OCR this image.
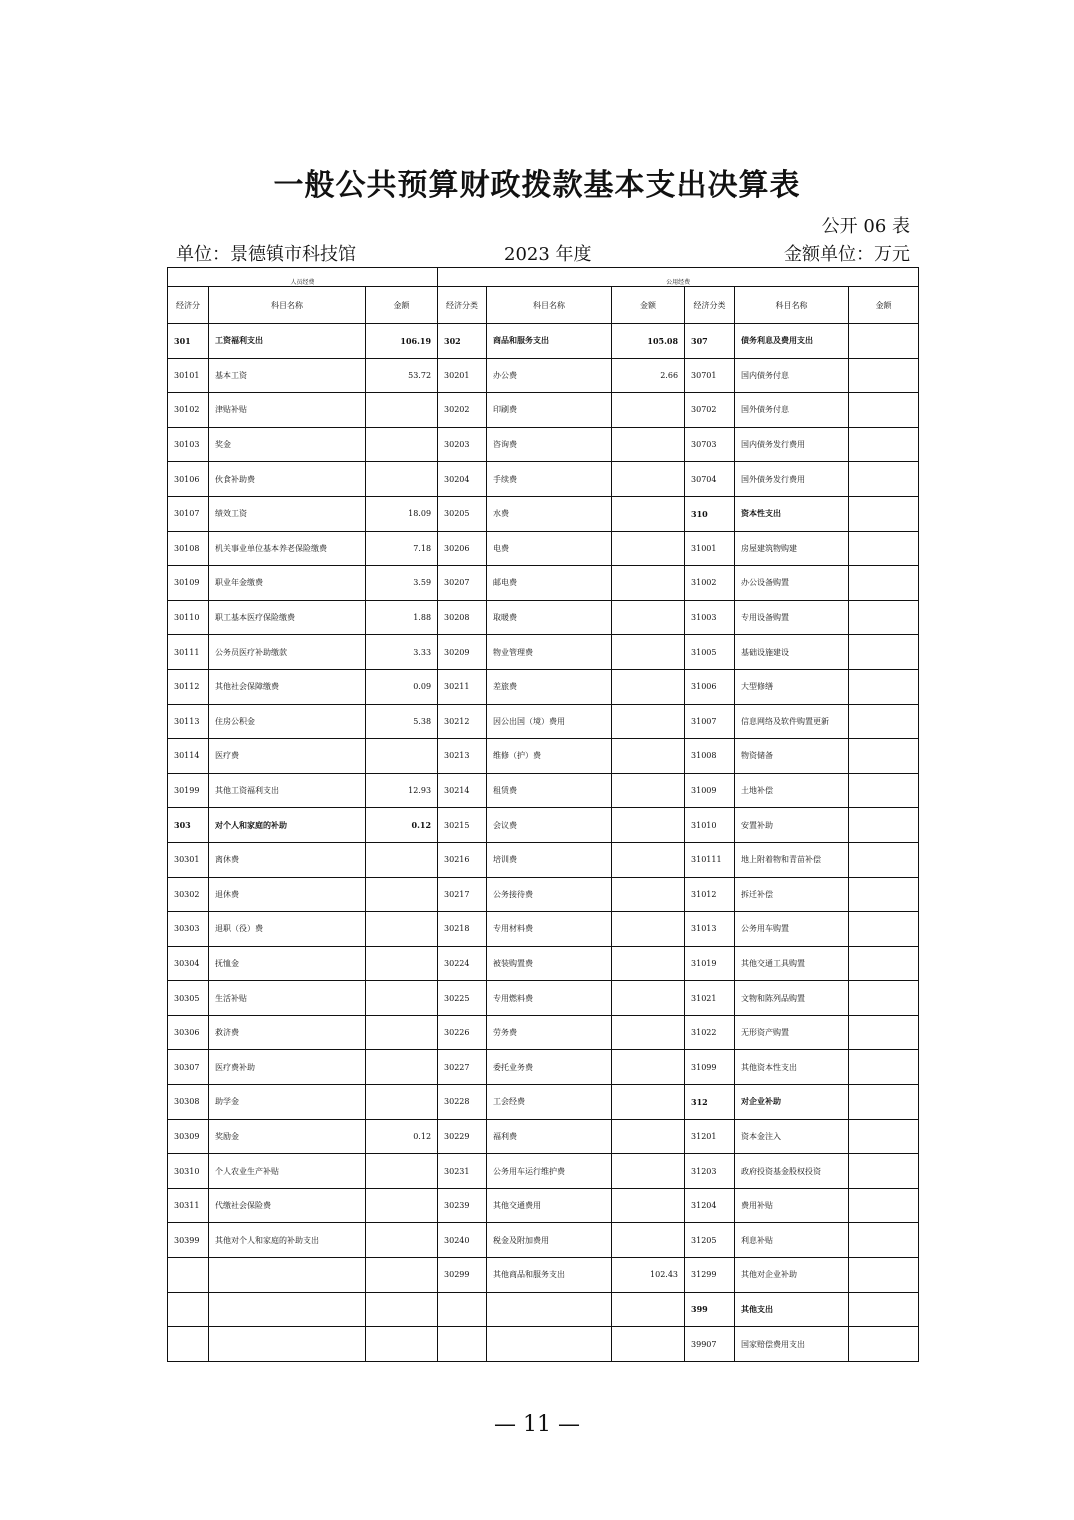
一般公共预算财政拨款基本支出决算表
公开 06 表
单位：景德镇市科技馆	2023 年度	金额单位：万元
人员经费			公用经费					
经济分	科目名称	金额	经济分类	科目名称	金额	经济分类	科目名称	金额
301	工资福利支出	106.19	302	商品和服务支出	105.08	307	债务利息及费用支出	
30101	基本工资	53.72	30201	办公费	2.66	30701	国内债务付息	
30102	津贴补贴		30202	印刷费		30702	国外债务付息	
30103	奖金		30203	咨询费		30703	国内债务发行费用	
30106	伙食补助费		30204	手续费		30704	国外债务发行费用	
30107	绩效工资	18.09	30205	水费		310	资本性支出	
30108	机关事业单位基本养老保险缴费	7.18	30206	电费		31001	房屋建筑物购建	
30109	职业年金缴费	3.59	30207	邮电费		31002	办公设备购置	
30110	职工基本医疗保险缴费	1.88	30208	取暖费		31003	专用设备购置	
30111	公务员医疗补助缴款	3.33	30209	物业管理费		31005	基础设施建设	
30112	其他社会保障缴费	0.09	30211	差旅费		31006	大型修缮	
30113	住房公积金	5.38	30212	因公出国（境）费用		31007	信息网络及软件购置更新	
30114	医疗费		30213	维修（护）费		31008	物资储备	
30199	其他工资福利支出	12.93	30214	租赁费		31009	土地补偿	
303	对个人和家庭的补助	0.12	30215	会议费		31010	安置补助	
30301	离休费		30216	培训费		310111	地上附着物和青苗补偿	
30302	退休费		30217	公务接待费		31012	拆迁补偿	
30303	退职（役）费		30218	专用材料费		31013	公务用车购置	
30304	抚恤金		30224	被装购置费		31019	其他交通工具购置	
30305	生活补贴		30225	专用燃料费		31021	文物和陈列品购置	
30306	救济费		30226	劳务费		31022	无形资产购置	
30307	医疗费补助		30227	委托业务费		31099	其他资本性支出	
30308	助学金		30228	工会经费		312	对企业补助	
30309	奖励金	0.12	30229	福利费		31201	资本金注入	
30310	个人农业生产补贴		30231	公务用车运行维护费		31203	政府投资基金股权投资	
30311	代缴社会保险费		30239	其他交通费用		31204	费用补贴	
30399	其他对个人和家庭的补助支出		30240	税金及附加费用		31205	利息补贴	
			30299	其他商品和服务支出	102.43	31299	其他对企业补助	
						399	其他支出	
						39907	国家赔偿费用支出	
— 11 —
